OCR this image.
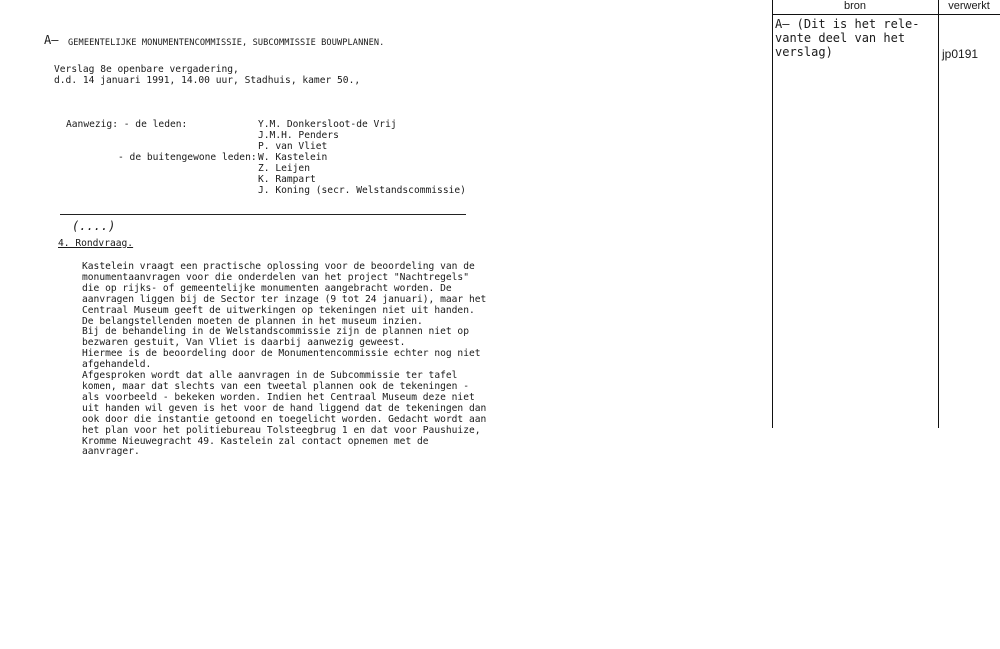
A– GEMEENTELIJKE MONUMENTENCOMMISSIE, SUBCOMMISSIE BOUWPLANNEN.
Verslag 8e openbare vergadering,
d.d. 14 januari 1991, 14.00 uur, Stadhuis, kamer 50.,
Aanwezig: - de leden:
- de buitengewone leden:
Y.M. Donkersloot-de Vrij
J.M.H. Penders
P. van Vliet
W. Kastelein
Z. Leijen
K. Rampart
J. Koning (secr. Welstandscommissie)
(....)
4. Rondvraag.
Kastelein vraagt een practische oplossing voor de beoordeling van de
monumentaanvragen voor die onderdelen van het project "Nachtregels"
die op rijks- of gemeentelijke monumenten aangebracht worden. De
aanvragen liggen bij de Sector ter inzage (9 tot 24 januari), maar het
Centraal Museum geeft de uitwerkingen op tekeningen niet uit handen.
De belangstellenden moeten de plannen in het museum inzien.
Bij de behandeling in de Welstandscommissie zijn de plannen niet op
bezwaren gestuit, Van Vliet is daarbij aanwezig geweest.
Hiermee is de beoordeling door de Monumentencommissie echter nog niet
afgehandeld.
Afgesproken wordt dat alle aanvragen in de Subcommissie ter tafel
komen, maar dat slechts van een tweetal plannen ook de tekeningen -
als voorbeeld - bekeken worden. Indien het Centraal Museum deze niet
uit handen wil geven is het voor de hand liggend dat de tekeningen dan
ook door die instantie getoond en toegelicht worden. Gedacht wordt aan
het plan voor het politiebureau Tolsteegbrug 1 en dat voor Paushuize,
Kromme Nieuwegracht 49. Kastelein zal contact opnemen met de
aanvrager.
bron	verwerkt
A– (Dit is het rele-
vante deel van het
verslag)	jp0191
